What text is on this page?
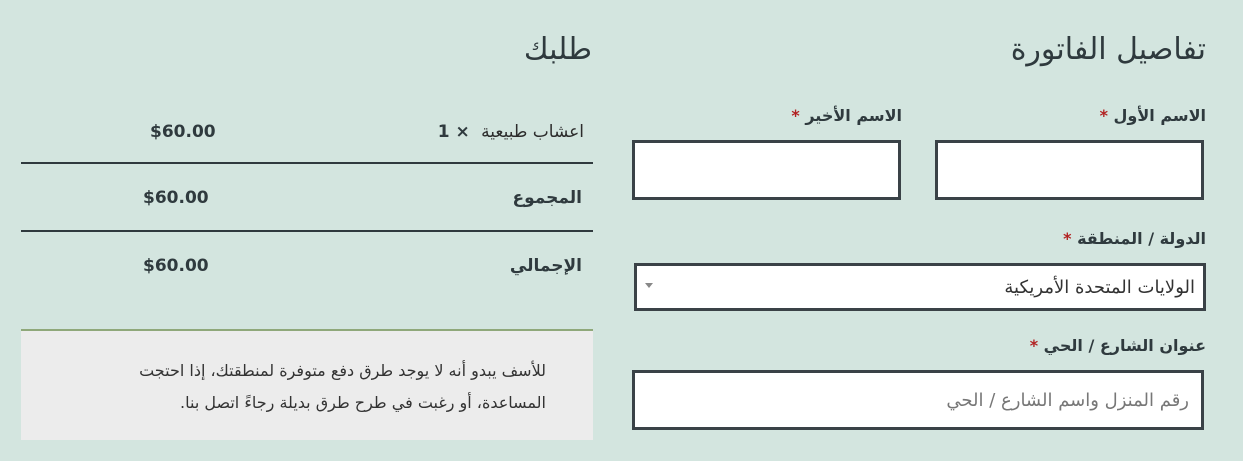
تفاصيل الفاتورة
الاسم الأول *
الاسم الأخير *
الدولة / المنطقة *
الولايات المتحدة الأمريكية
عنوان الشارع / الحي *
رقم المنزل واسم الشارع / الحي
طلبك
اعشاب طبيعية × 1
$60.00
المجموع
$60.00
الإجمالي
$60.00

للأسف يبدو أنه لا يوجد طرق دفع متوفرة لمنطقتك، إذا احتجت
المساعدة، أو رغبت في طرح طرق بديلة رجاءً اتصل بنا.
